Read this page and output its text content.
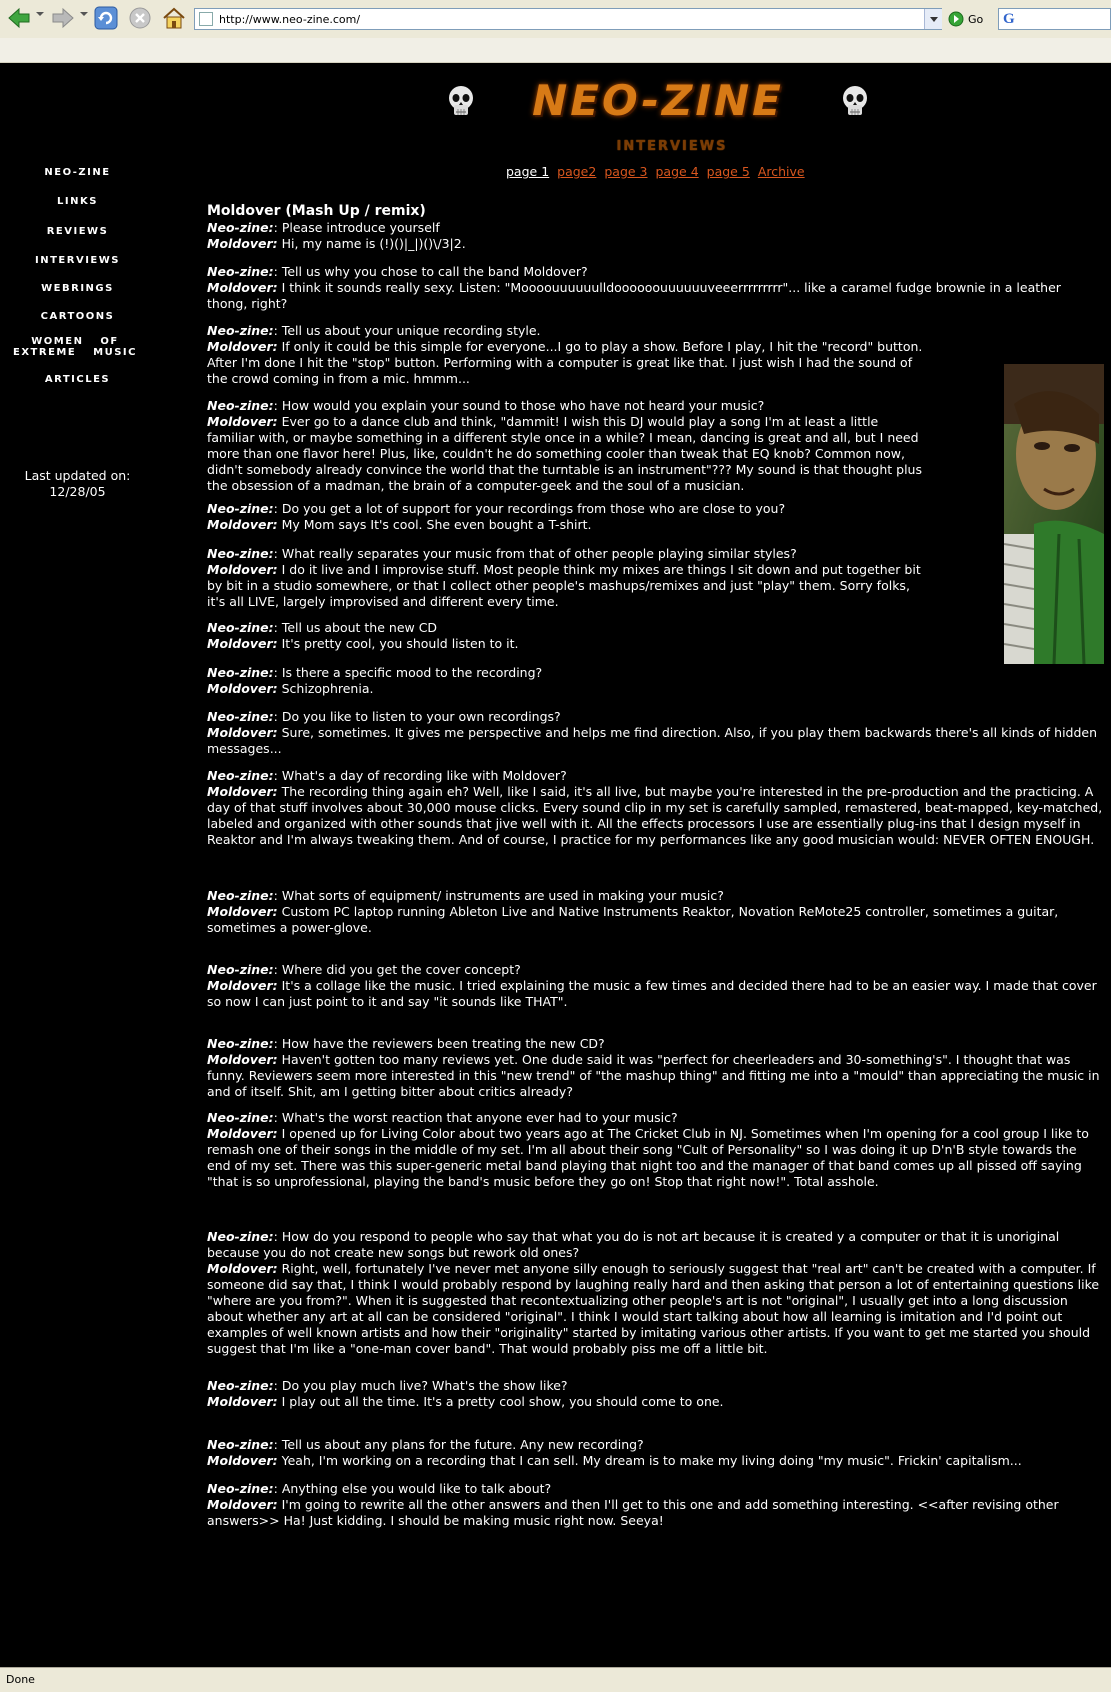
http://www.neo-zine.com/
Go G
NEO-ZINE
INTERVIEWS
page 1 page2 page 3 page 4 page 5 Archive
NEO-ZINE
LINKS
REVIEWS
INTERVIEWS
WEBRINGS
CARTOONS
WOMEN OF EXTREME MUSIC
ARTICLES
Last updated on:
12/28/05
Moldover (Mash Up / remix)
Neo-zine:: Please introduce yourself
Moldover: Hi, my name is (!)()|_|)()\/3|2.
Neo-zine:: Tell us why you chose to call the band Moldover?
Moldover: I think it sounds really sexy. Listen: "Moooouuuuuulldoooooouuuuuuveeerrrrrrrrr"... like a caramel fudge brownie in a leather thong, right?
Neo-zine:: Tell us about your unique recording style.
Moldover: If only it could be this simple for everyone...I go to play a show. Before I play, I hit the "record" button. After I'm done I hit the "stop" button. Performing with a computer is great like that. I just wish I had the sound of the crowd coming in from a mic. hmmm...
Neo-zine:: How would you explain your sound to those who have not heard your music?
Moldover: Ever go to a dance club and think, "dammit! I wish this DJ would play a song I'm at least a little familiar with, or maybe something in a different style once in a while? I mean, dancing is great and all, but I need more than one flavor here! Plus, like, couldn't he do something cooler than tweak that EQ knob? Common now, didn't somebody already convince the world that the turntable is an instrument"??? My sound is that thought plus the obsession of a madman, the brain of a computer-geek and the soul of a musician.
Neo-zine:: Do you get a lot of support for your recordings from those who are close to you?
Moldover: My Mom says It's cool. She even bought a T-shirt.
Neo-zine:: What really separates your music from that of other people playing similar styles?
Moldover: I do it live and I improvise stuff. Most people think my mixes are things I sit down and put together bit by bit in a studio somewhere, or that I collect other people's mashups/remixes and just "play" them. Sorry folks, it's all LIVE, largely improvised and different every time.
Neo-zine:: Tell us about the new CD
Moldover: It's pretty cool, you should listen to it.
Neo-zine:: Is there a specific mood to the recording?
Moldover: Schizophrenia.
Neo-zine:: Do you like to listen to your own recordings?
Moldover: Sure, sometimes. It gives me perspective and helps me find direction. Also, if you play them backwards there's all kinds of hidden messages...
Neo-zine:: What's a day of recording like with Moldover?
Moldover: The recording thing again eh? Well, like I said, it's all live, but maybe you're interested in the pre-production and the practicing. A day of that stuff involves about 30,000 mouse clicks. Every sound clip in my set is carefully sampled, remastered, beat-mapped, key-matched, labeled and organized with other sounds that jive well with it. All the effects processors I use are essentially plug-ins that I design myself in Reaktor and I'm always tweaking them. And of course, I practice for my performances like any good musician would: NEVER OFTEN ENOUGH.
Neo-zine:: What sorts of equipment/ instruments are used in making your music?
Moldover: Custom PC laptop running Ableton Live and Native Instruments Reaktor, Novation ReMote25 controller, sometimes a guitar, sometimes a power-glove.
Neo-zine:: Where did you get the cover concept?
Moldover: It's a collage like the music. I tried explaining the music a few times and decided there had to be an easier way. I made that cover so now I can just point to it and say "it sounds like THAT".
Neo-zine:: How have the reviewers been treating the new CD?
Moldover: Haven't gotten too many reviews yet. One dude said it was "perfect for cheerleaders and 30-something's". I thought that was funny. Reviewers seem more interested in this "new trend" of "the mashup thing" and fitting me into a "mould" than appreciating the music in and of itself. Shit, am I getting bitter about critics already?
Neo-zine:: What's the worst reaction that anyone ever had to your music?
Moldover: I opened up for Living Color about two years ago at The Cricket Club in NJ. Sometimes when I'm opening for a cool group I like to remash one of their songs in the middle of my set. I'm all about their song "Cult of Personality" so I was doing it up D'n'B style towards the end of my set. There was this super-generic metal band playing that night too and the manager of that band comes up all pissed off saying "that is so unprofessional, playing the band's music before they go on! Stop that right now!". Total asshole.
Neo-zine:: How do you respond to people who say that what you do is not art because it is created y a computer or that it is unoriginal because you do not create new songs but rework old ones?
Moldover: Right, well, fortunately I've never met anyone silly enough to seriously suggest that "real art" can't be created with a computer. If someone did say that, I think I would probably respond by laughing really hard and then asking that person a lot of entertaining questions like "where are you from?". When it is suggested that recontextualizing other people's art is not "original", I usually get into a long discussion about whether any art at all can be considered "original". I think I would start talking about how all learning is imitation and I'd point out examples of well known artists and how their "originality" started by imitating various other artists. If you want to get me started you should suggest that I'm like a "one-man cover band". That would probably piss me off a little bit.
Neo-zine:: Do you play much live? What's the show like?
Moldover: I play out all the time. It's a pretty cool show, you should come to one.
Neo-zine:: Tell us about any plans for the future. Any new recording?
Moldover: Yeah, I'm working on a recording that I can sell. My dream is to make my living doing "my music". Frickin' capitalism...
Neo-zine:: Anything else you would like to talk about?
Moldover: I'm going to rewrite all the other answers and then I'll get to this one and add something interesting. <<after revising other answers>> Ha! Just kidding. I should be making music right now. Seeya!
Done
